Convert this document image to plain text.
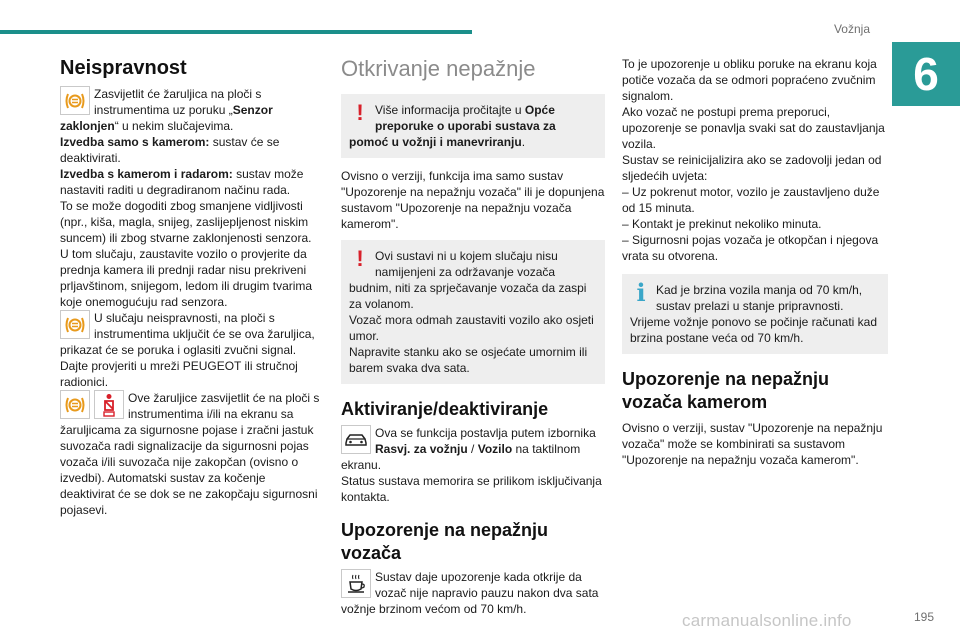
Vožnja
6
Neispravnost

Zasvijetlit će žaruljica na ploči s instrumentima uz poruku „Senzor zaklonjen“ u nekim slučajevima.

Izvedba samo s kamerom: sustav će se deaktivirati.

Izvedba s kamerom i radarom: sustav može nastaviti raditi u degradiranom načinu rada.

To se može dogoditi zbog smanjene vidljivosti (npr., kiša, magla, snijeg, zaslijepljenost niskim suncem) ili zbog stvarne zaklonjenosti senzora.

U tom slučaju, zaustavite vozilo o provjerite da prednja kamera ili prednji radar nisu prekriveni prljavštinom, snijegom, ledom ili drugim tvarima koje onemogućuju rad senzora.

U slučaju neispravnosti, na ploči s instrumentima uključit će se ova žaruljica, prikazat će se poruka i oglasiti zvučni signal. Dajte provjeriti u mreži PEUGEOT ili stručnoj radionici.

Ove žaruljice zasvijetlit će na ploči s instrumentima i/ili na ekranu sa žaruljicama za sigurnosne pojase i zračni jastuk suvozača radi signalizacije da sigurnosni pojas vozača i/ili suvozača nije zakopčan (ovisno o izvedbi). Automatski sustav za kočenje deaktivirat će se dok se ne zakopčaju sigurnosni pojasevi.

Otkrivanje nepažnje
! Više informacija pročitajte u Opće preporuke o uporabi sustava za pomoć u vožnji i manevriranju.

Ovisno o verziji, funkcija ima samo sustav "Upozorenje na nepažnju vozača" ili je dopunjena sustavom "Upozorenje na nepažnju vozača kamerom".

! Ovi sustavi ni u kojem slučaju nisu namijenjeni za održavanje vozača budnim, niti za sprječavanje vozača da zaspi za volanom.

Vozač mora odmah zaustaviti vozilo ako osjeti umor.

Napravite stanku ako se osjećate umornim ili barem svaka dva sata.

Aktiviranje/deaktiviranje

Ova se funkcija postavlja putem izbornika Rasvj. za vožnju / Vozilo na taktilnom ekranu.

Status sustava memorira se prilikom isključivanja kontakta.

Upozorenje na nepažnju vozača

Sustav daje upozorenje kada otkrije da vozač nije napravio pauzu nakon dva sata vožnje brzinom većom od 70 km/h.

To je upozorenje u obliku poruke na ekranu koja potiče vozača da se odmori popraćeno zvučnim signalom.

Ako vozač ne postupi prema preporuci, upozorenje se ponavlja svaki sat do zaustavljanja vozila.

Sustav se reinicijalizira ako se zadovolji jedan od sljedećih uvjeta:

– Uz pokrenut motor, vozilo je zaustavljeno duže od 15 minuta.

– Kontakt je prekinut nekoliko minuta.

– Sigurnosni pojas vozača je otkopčan i njegova vrata su otvorena.

i Kad je brzina vozila manja od 70 km/h, sustav prelazi u stanje pripravnosti.

Vrijeme vožnje ponovo se počinje računati kad brzina postane veća od 70 km/h.

Upozorenje na nepažnju vozača kamerom

Ovisno o verziji, sustav "Upozorenje na nepažnju vozača" može se kombinirati sa sustavom "Upozorenje na nepažnju vozača kamerom".

carmanualsonline.info	195
